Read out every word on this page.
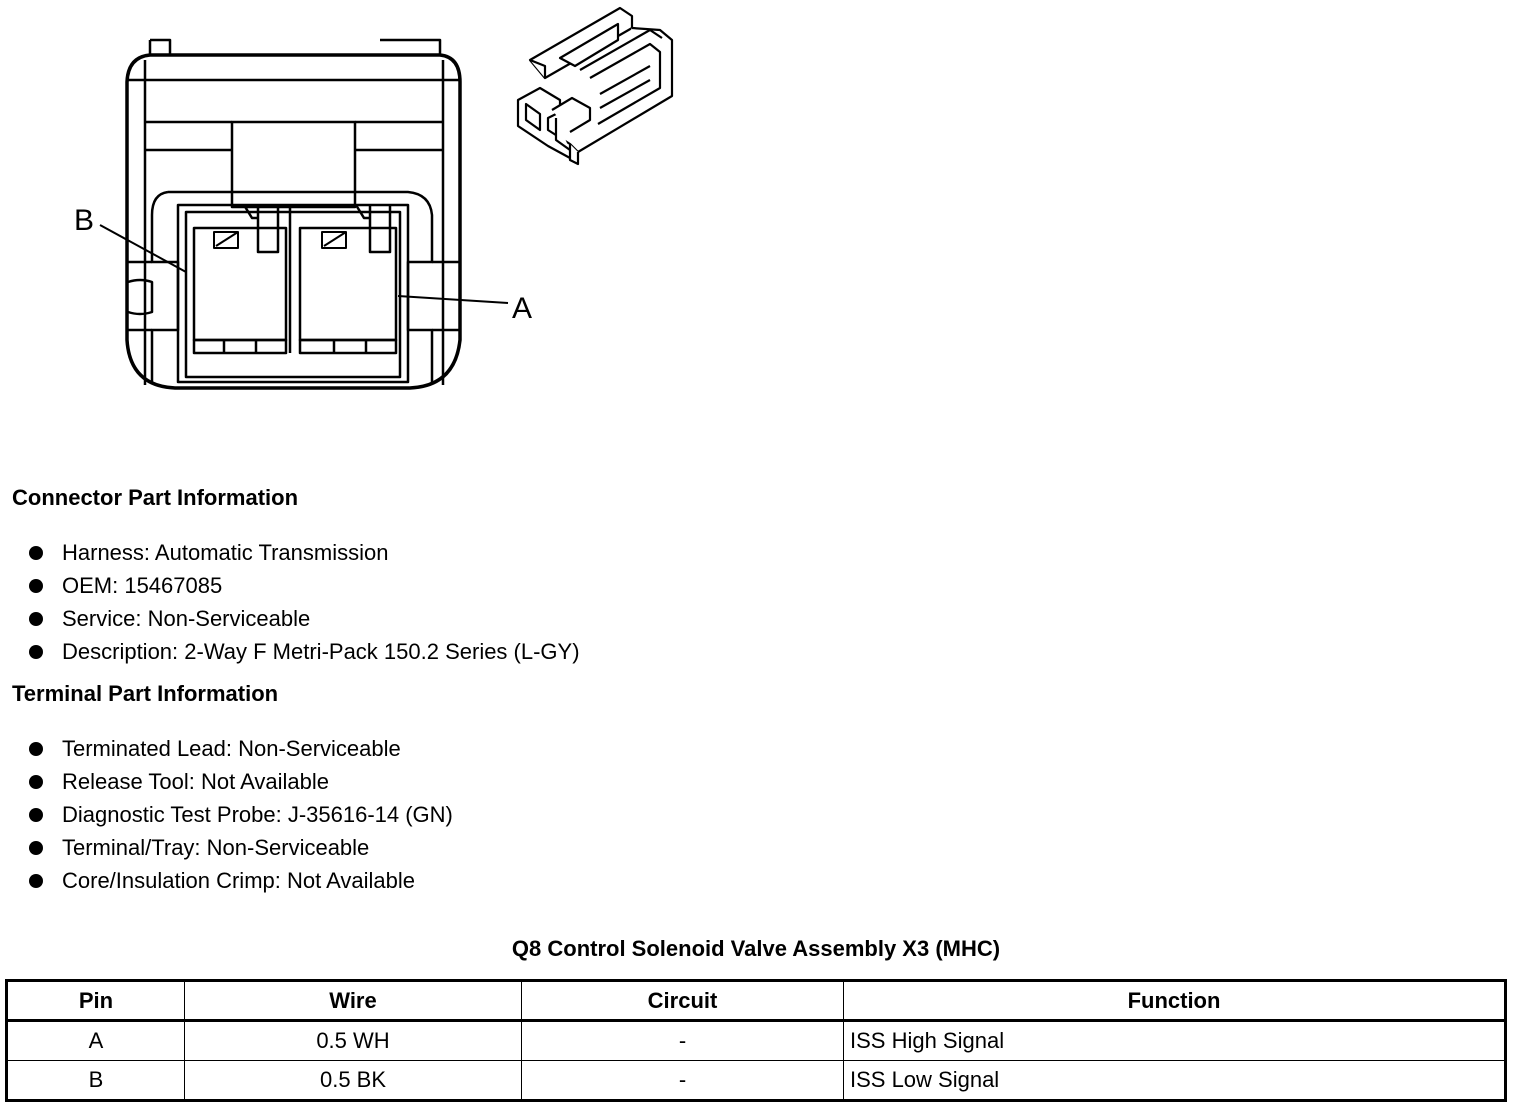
B
A
Connector Part Information
Harness: Automatic Transmission
OEM: 15467085
Service: Non-Serviceable
Description: 2-Way F Metri-Pack 150.2 Series (L-GY)
Terminal Part Information
Terminated Lead: Non-Serviceable
Release Tool: Not Available
Diagnostic Test Probe: J-35616-14 (GN)
Terminal/Tray: Non-Serviceable
Core/Insulation Crimp: Not Available
Q8 Control Solenoid Valve Assembly X3 (MHC)
Pin	Wire	Circuit	Function
A	0.5 WH	-	ISS High Signal
B	0.5 BK	-	ISS Low Signal
